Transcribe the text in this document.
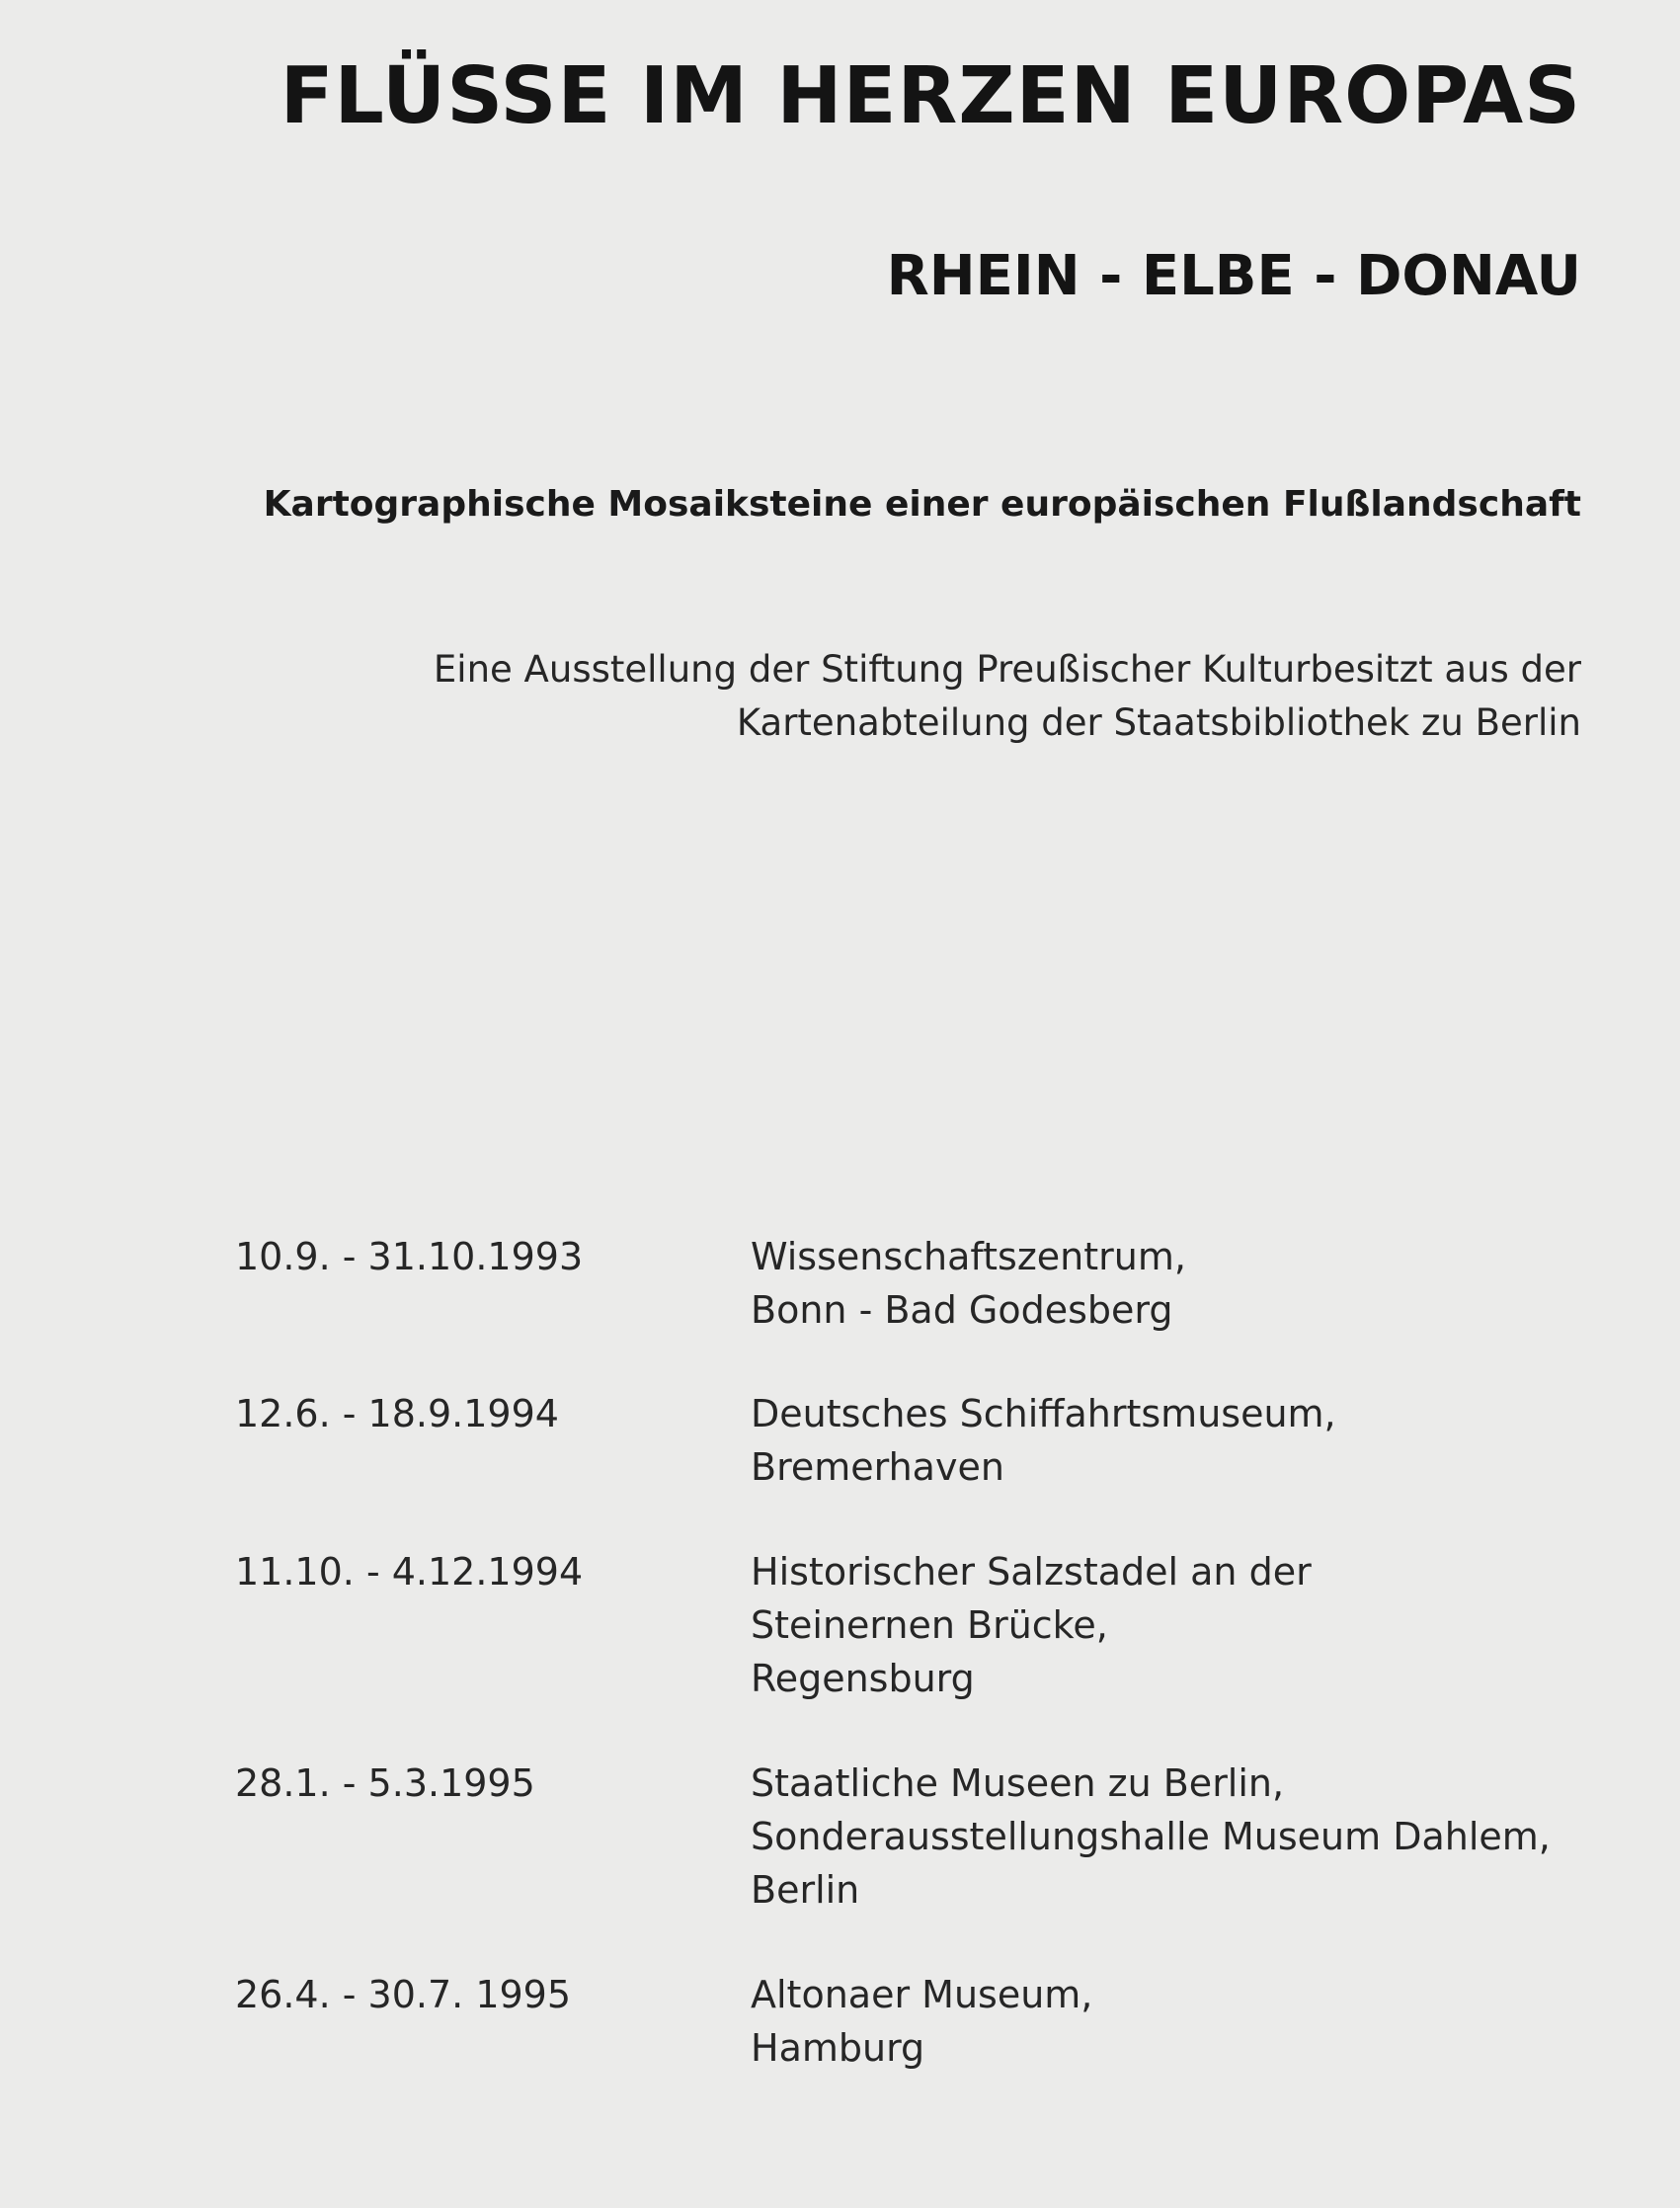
FLÜSSE IM HERZEN EUROPAS
RHEIN - ELBE - DONAU
Kartographische Mosaiksteine einer europäischen Flußlandschaft
Eine Ausstellung der Stiftung Preußischer Kulturbesitzt aus der
Kartenabteilung der Staatsbibliothek zu Berlin
10.9. - 31.10.1993	Wissenschaftszentrum,
Bonn - Bad Godesberg
12.6. - 18.9.1994	Deutsches Schiffahrtsmuseum,
Bremerhaven
11.10. - 4.12.1994	Historischer Salzstadel an der
Steinernen Brücke,
Regensburg
28.1. - 5.3.1995	Staatliche Museen zu Berlin,
Sonderausstellungshalle Museum Dahlem,
Berlin
26.4. - 30.7. 1995	Altonaer Museum,
Hamburg
